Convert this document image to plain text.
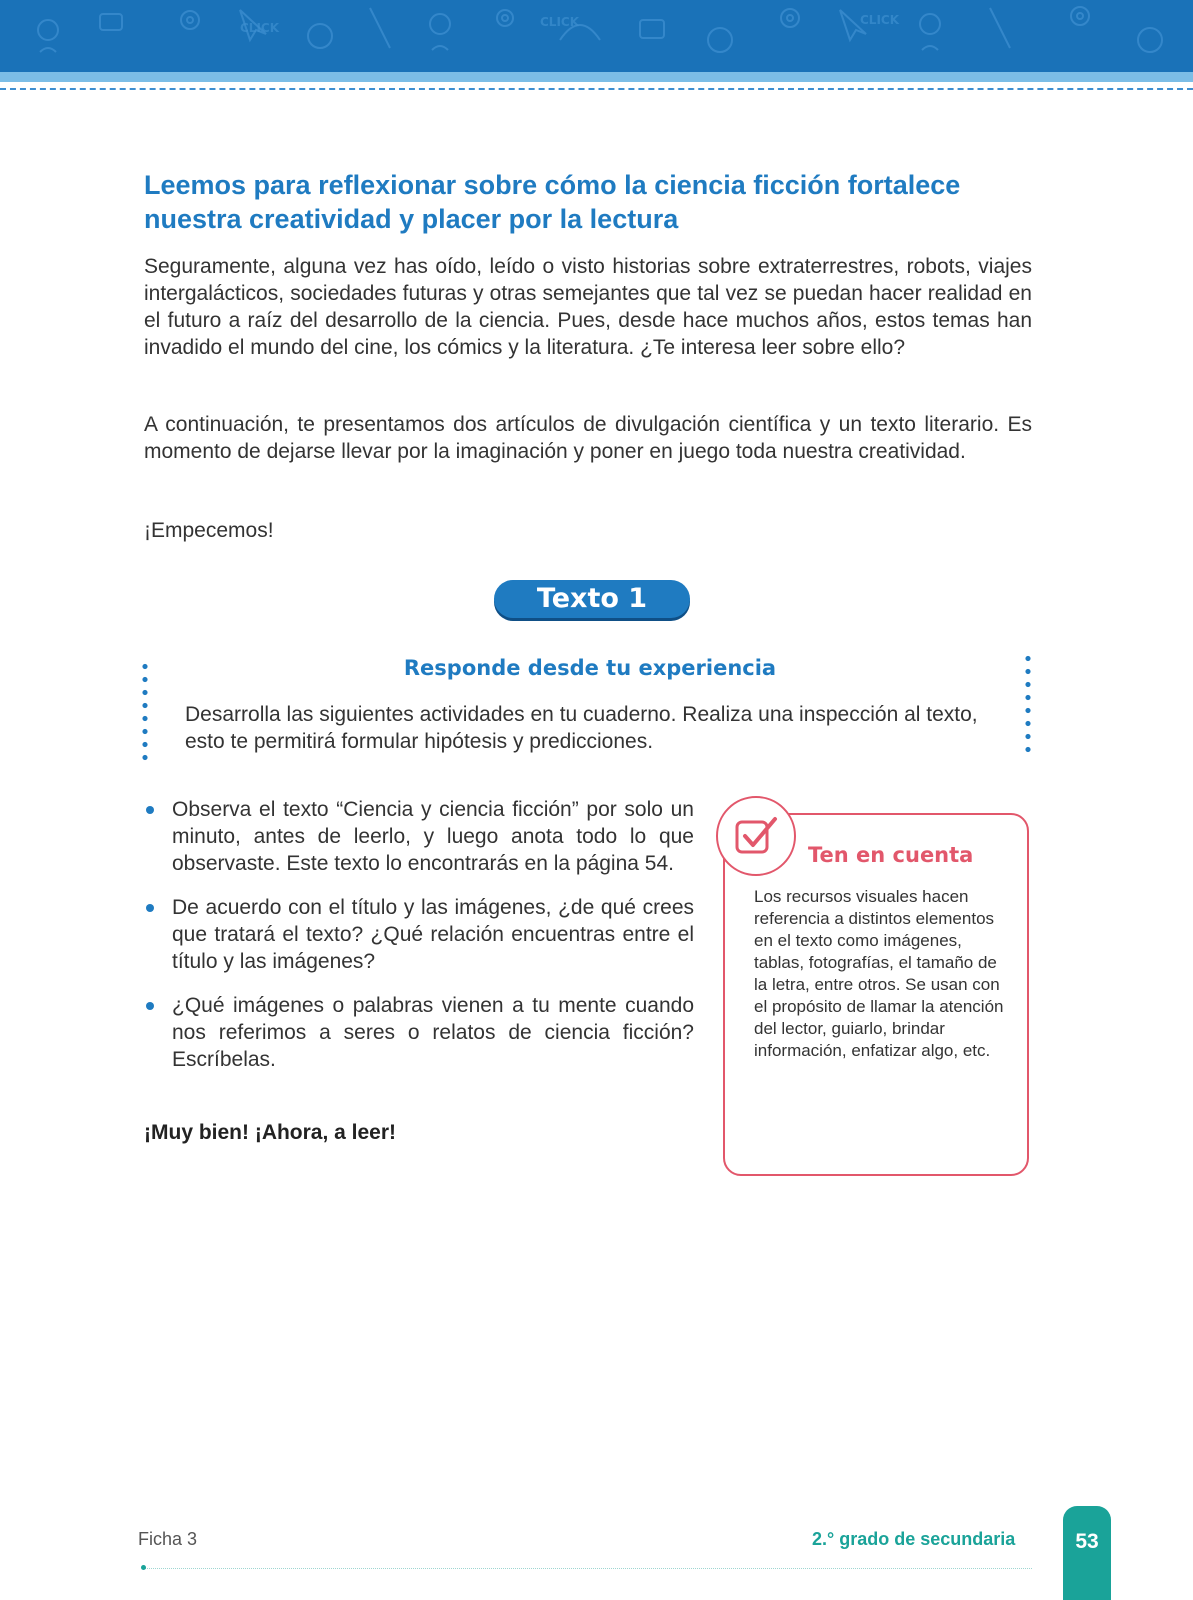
CLICK	CLICK	CLICK
Leemos para reflexionar sobre cómo la ciencia ficción fortalece nuestra creatividad y placer por la lectura

Seguramente, alguna vez has oído, leído o visto historias sobre extraterrestres, robots, viajes intergalácticos, sociedades futuras y otras semejantes que tal vez se puedan hacer realidad en el futuro a raíz del desarrollo de la ciencia. Pues, desde hace muchos años, estos temas han invadido el mundo del cine, los cómics y la literatura. ¿Te interesa leer sobre ello?

A continuación, te presentamos dos artículos de divulgación científica y un texto literario. Es momento de dejarse llevar por la imaginación y poner en juego toda nuestra creatividad.

¡Empecemos!

Texto 1
Responde desde tu experiencia

Desarrolla las siguientes actividades en tu cuaderno. Realiza una inspección al texto, esto te permitirá formular hipótesis y predicciones.

Observa el texto “Ciencia y ciencia ficción” por solo un minuto, antes de leerlo, y luego anota todo lo que observaste. Este texto lo encontrarás en la página 54.
De acuerdo con el título y las imágenes, ¿de qué crees que tratará el texto? ¿Qué relación encuentras entre el título y las imágenes?
¿Qué imágenes o palabras vienen a tu mente cuando nos referimos a seres o relatos de ciencia ficción? Escríbelas.

¡Muy bien! ¡Ahora, a leer!

Ten en cuenta

Los recursos visuales hacen referencia a distintos elementos en el texto como imágenes, tablas, fotografías, el tamaño de la letra, entre otros. Se usan con el propósito de llamar la atención del lector, guiarlo, brindar información, enfatizar algo, etc.

Ficha 3	2.° grado de secundaria	53
